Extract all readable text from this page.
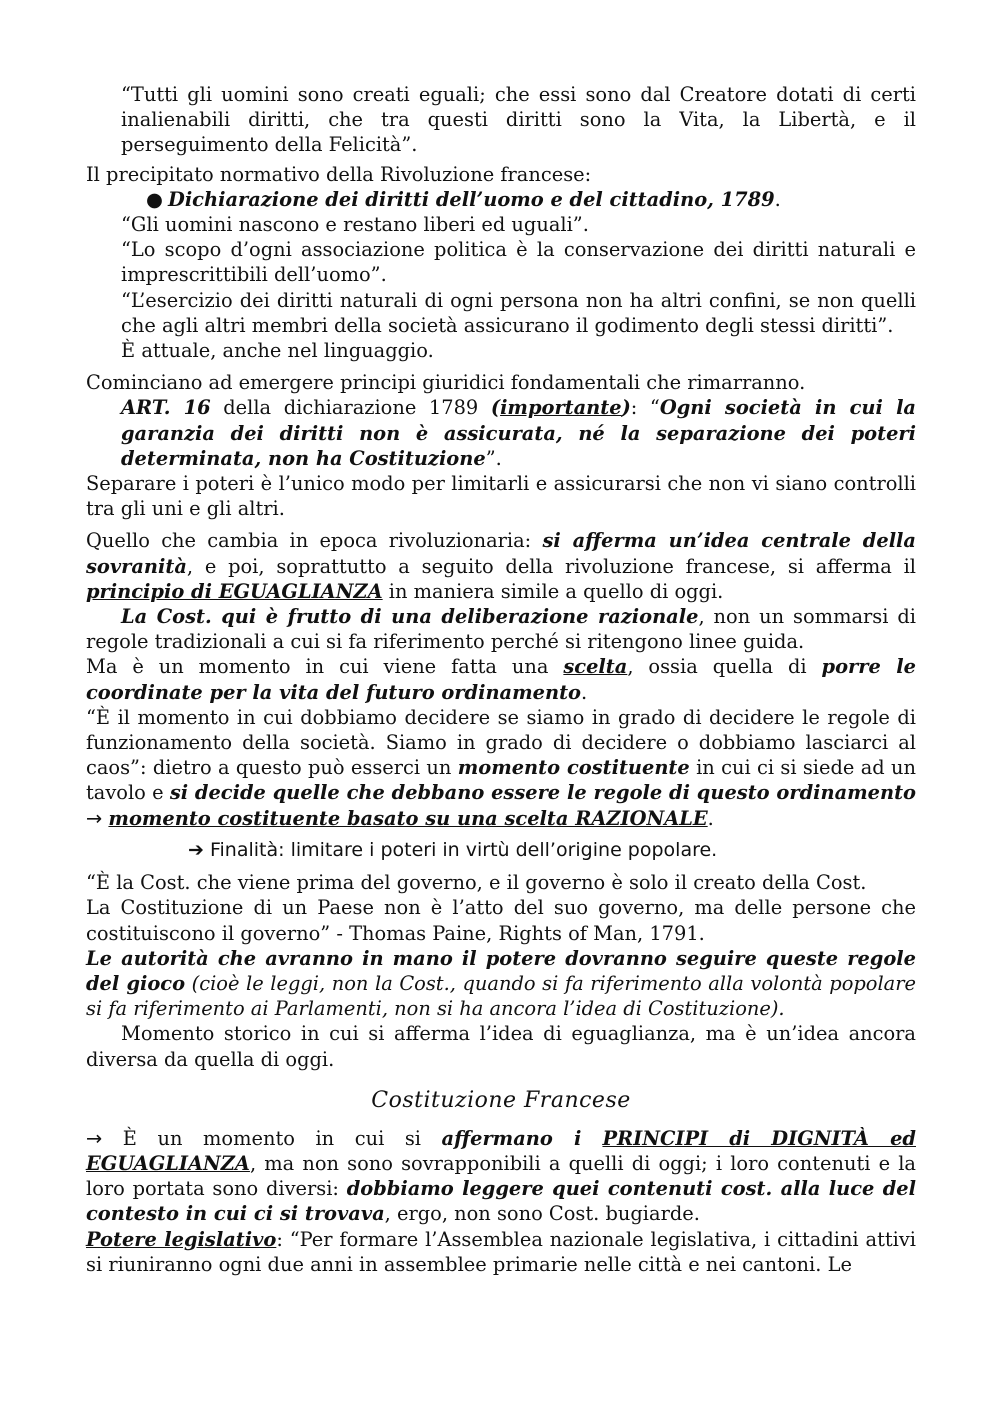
“Tutti gli uomini sono creati eguali; che essi sono dal Creatore dotati di certi inalienabili diritti, che tra questi diritti sono la Vita, la Libertà, e il perseguimento della Felicità”.

Il precipitato normativo della Rivoluzione francese:

● Dichiarazione dei diritti dell’uomo e del cittadino, 1789.

“Gli uomini nascono e restano liberi ed uguali”.

“Lo scopo d’ogni associazione politica è la conservazione dei diritti naturali e imprescrittibili dell’uomo”.

“L’esercizio dei diritti naturali di ogni persona non ha altri confini, se non quelli che agli altri membri della società assicurano il godimento degli stessi diritti”.

È attuale, anche nel linguaggio.

Cominciano ad emergere principi giuridici fondamentali che rimarranno.

ART. 16 della dichiarazione 1789 (importante): “Ogni società in cui la garanzia dei diritti non è assicurata, né la separazione dei poteri determinata, non ha Costituzione”.

Separare i poteri è l’unico modo per limitarli e assicurarsi che non vi siano controlli tra gli uni e gli altri.

Quello che cambia in epoca rivoluzionaria: si afferma un’idea centrale della sovranità, e poi, soprattutto a seguito della rivoluzione francese, si afferma il principio di EGUAGLIANZA in maniera simile a quello di oggi.

La Cost. qui è frutto di una deliberazione razionale, non un sommarsi di regole tradizionali a cui si fa riferimento perché si ritengono linee guida.

Ma è un momento in cui viene fatta una scelta, ossia quella di porre le coordinate per la vita del futuro ordinamento.

“È il momento in cui dobbiamo decidere se siamo in grado di decidere le regole di funzionamento della società. Siamo in grado di decidere o dobbiamo lasciarci al caos”: dietro a questo può esserci un momento costituente in cui ci si siede ad un tavolo e si decide quelle che debbano essere le regole di questo ordinamento → momento costituente basato su una scelta RAZIONALE.

➔ Finalità: limitare i poteri in virtù dell’origine popolare.

“È la Cost. che viene prima del governo, e il governo è solo il creato della Cost.

La Costituzione di un Paese non è l’atto del suo governo, ma delle persone che costituiscono il governo” - Thomas Paine, Rights of Man, 1791.

Le autorità che avranno in mano il potere dovranno seguire queste regole del gioco (cioè le leggi, non la Cost., quando si fa riferimento alla volontà popolare si fa riferimento ai Parlamenti, non si ha ancora l’idea di Costituzione).

Momento storico in cui si afferma l’idea di eguaglianza, ma è un’idea ancora diversa da quella di oggi.

Costituzione Francese

→ È un momento in cui si affermano i PRINCIPI di DIGNITÀ ed EGUAGLIANZA, ma non sono sovrapponibili a quelli di oggi; i loro contenuti e la loro portata sono diversi: dobbiamo leggere quei contenuti cost. alla luce del contesto in cui ci si trovava, ergo, non sono Cost. bugiarde.

Potere legislativo: “Per formare l’Assemblea nazionale legislativa, i cittadini attivi si riuniranno ogni due anni in assemblee primarie nelle città e nei cantoni. Le
